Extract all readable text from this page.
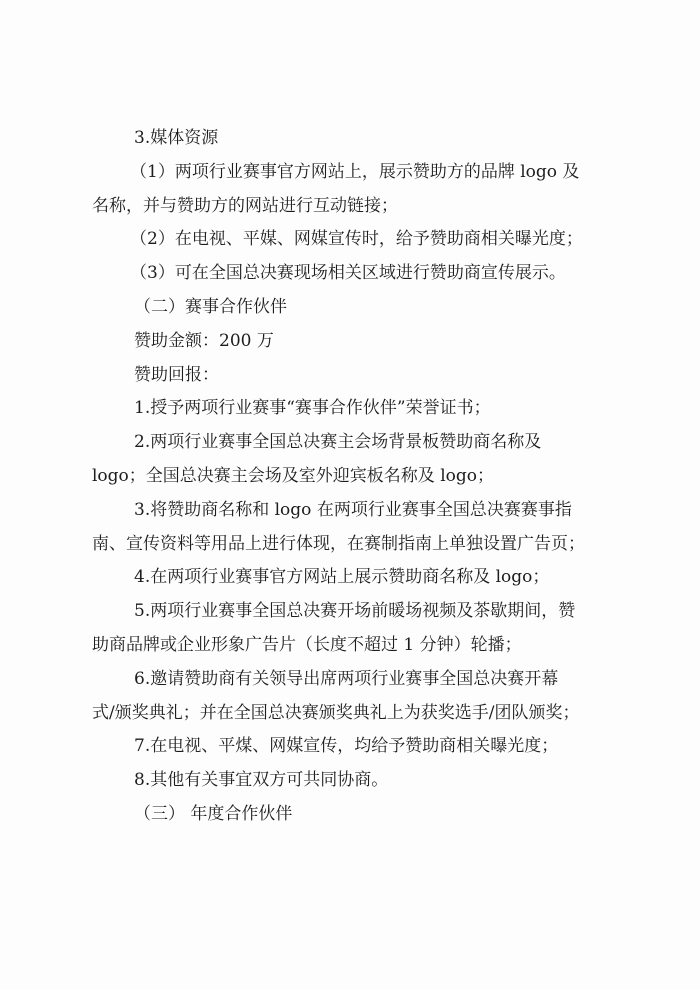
3.媒体资源
（1）两项行业赛事官方网站上，展示赞助方的品牌 logo 及
名称，并与赞助方的网站进行互动链接；
（2）在电视、平媒、网媒宣传时，给予赞助商相关曝光度；
（3）可在全国总决赛现场相关区域进行赞助商宣传展示。
（二）赛事合作伙伴
赞助金额：200 万
赞助回报：
1.授予两项行业赛事“赛事合作伙伴”荣誉证书；
2.两项行业赛事全国总决赛主会场背景板赞助商名称及
logo；全国总决赛主会场及室外迎宾板名称及 logo；
3.将赞助商名称和 logo 在两项行业赛事全国总决赛赛事指
南、宣传资料等用品上进行体现，在赛制指南上单独设置广告页；
4.在两项行业赛事官方网站上展示赞助商名称及 logo；
5.两项行业赛事全国总决赛开场前暖场视频及茶歇期间，赞
助商品牌或企业形象广告片（长度不超过 1 分钟）轮播；
6.邀请赞助商有关领导出席两项行业赛事全国总决赛开幕
式/颁奖典礼；并在全国总决赛颁奖典礼上为获奖选手/团队颁奖；
7.在电视、平煤、网媒宣传，均给予赞助商相关曝光度；
8.其他有关事宜双方可共同协商。
（三） 年度合作伙伴
